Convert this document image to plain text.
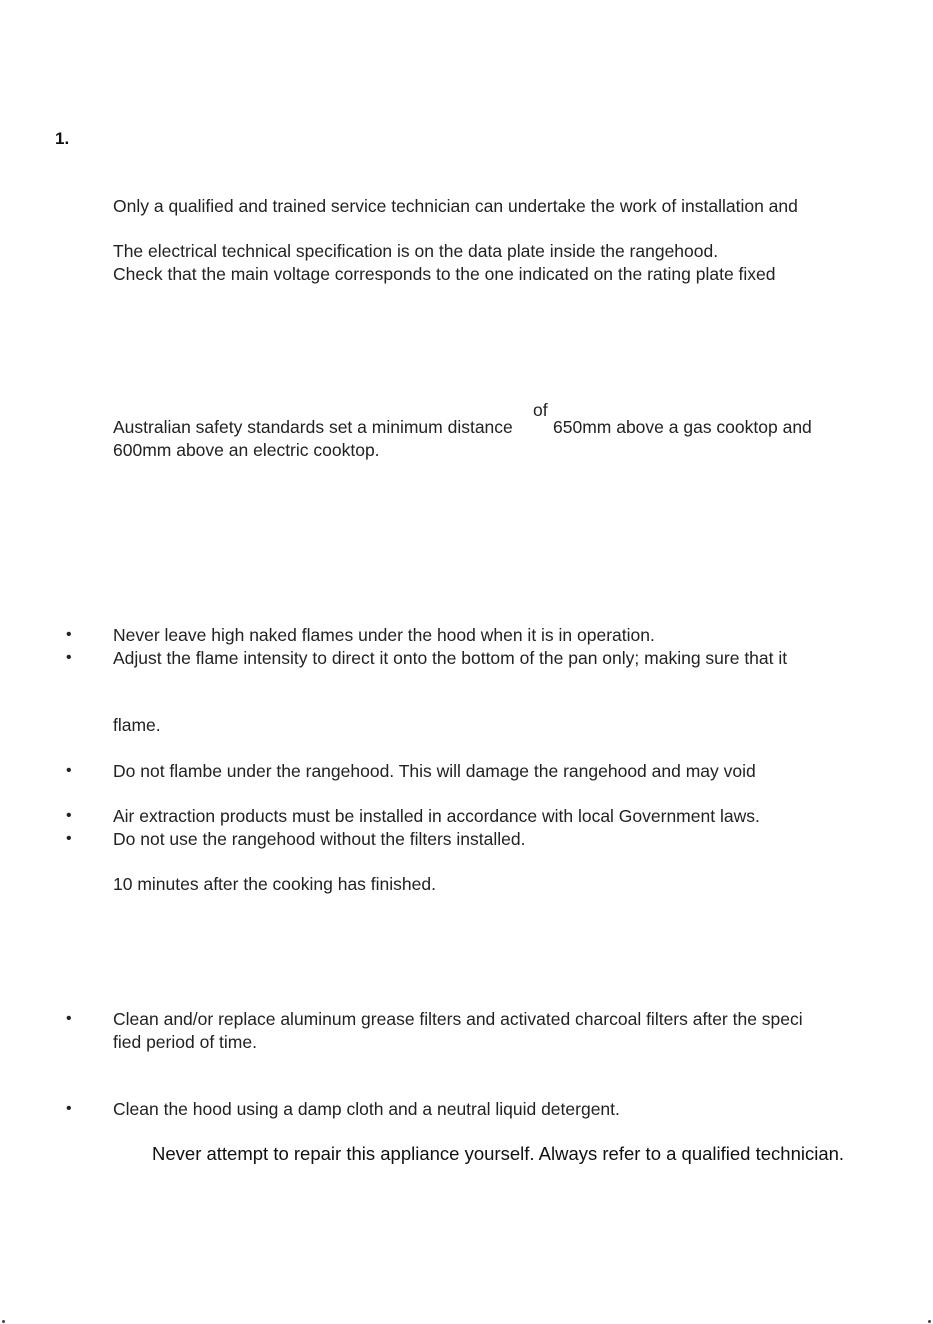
1.
Only a qualified and trained service technician can undertake the work of installation and
The electrical technical specification is on the data plate inside the rangehood.
Check that the main voltage corresponds to the one indicated on the rating plate fixed
of
Australian safety standards set a minimum distance 650mm above a gas cooktop and
600mm above an electric cooktop.
• Never leave high naked flames under the hood when it is in operation.
• Adjust the flame intensity to direct it onto the bottom of the pan only; making sure that it
flame.
• Do not flambe under the rangehood. This will damage the rangehood and may void
• Air extraction products must be installed in accordance with local Government laws.
• Do not use the rangehood without the filters installed.
10 minutes after the cooking has finished.
• Clean and/or replace aluminum grease filters and activated charcoal filters after the speci
fied period of time.
• Clean the hood using a damp cloth and a neutral liquid detergent.
Never attempt to repair this appliance yourself. Always refer to a qualified technician.
